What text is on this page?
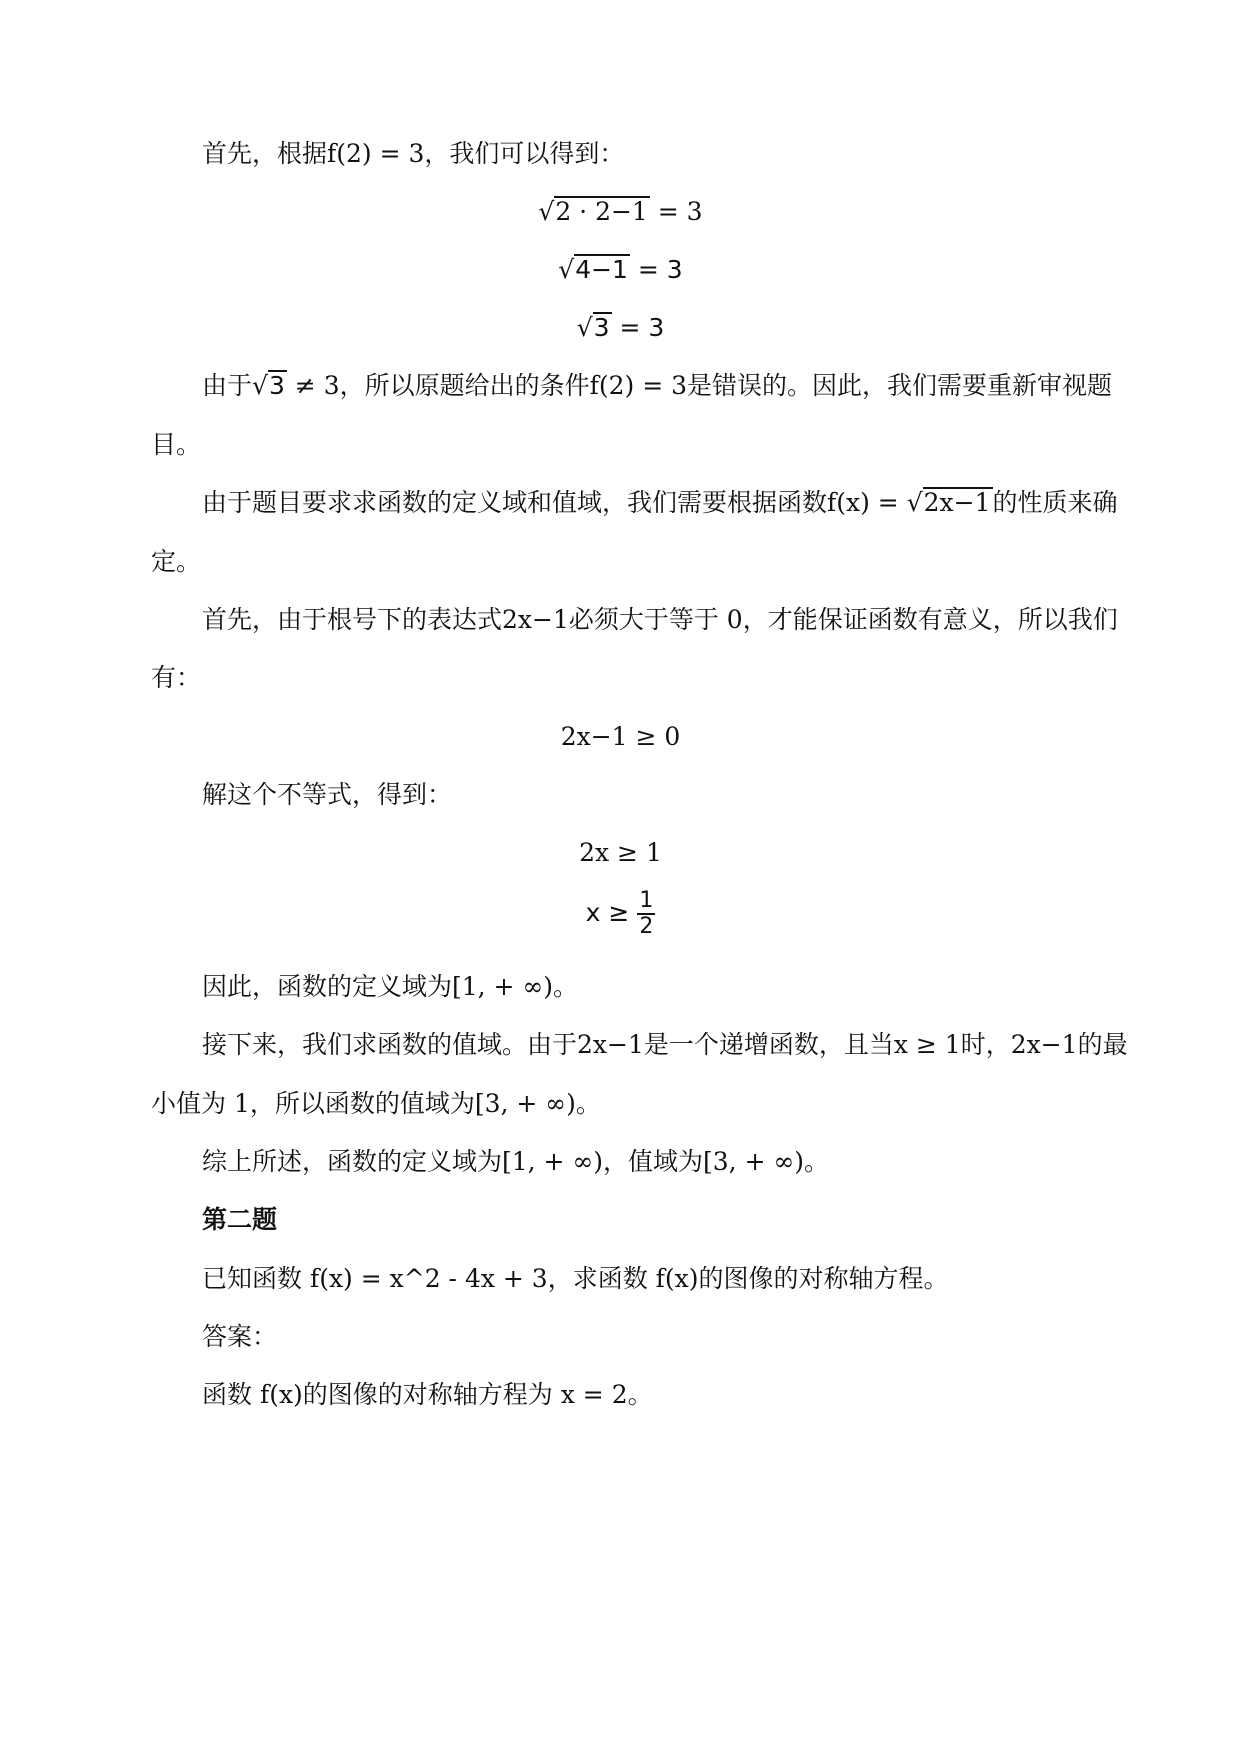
首先，根据f(2) = 3，我们可以得到：
√2 · 2−1 = 3
√4−1 = 3
√3 = 3
由于√3 ≠ 3，所以原题给出的条件f(2) = 3是错误的。因此，我们需要重新审视题
目。
由于题目要求求函数的定义域和值域，我们需要根据函数f(x) = √2x−1的性质来确
定。
首先，由于根号下的表达式2x−1必须大于等于 0，才能保证函数有意义，所以我们
有：
2x−1 ≥ 0
解这个不等式，得到：
2x ≥ 1
$x \ge \frac{1}{2}$
因此，函数的定义域为[1, + ∞)。
接下来，我们求函数的值域。由于2x−1是一个递增函数，且当x ≥ 1时，2x−1的最
小值为 1，所以函数的值域为[3, + ∞)。
综上所述，函数的定义域为[1, + ∞)，值域为[3, + ∞)。
第二题
已知函数 f(x) = x^2 - 4x + 3，求函数 f(x)的图像的对称轴方程。
答案：
函数 f(x)的图像的对称轴方程为 x = 2。
